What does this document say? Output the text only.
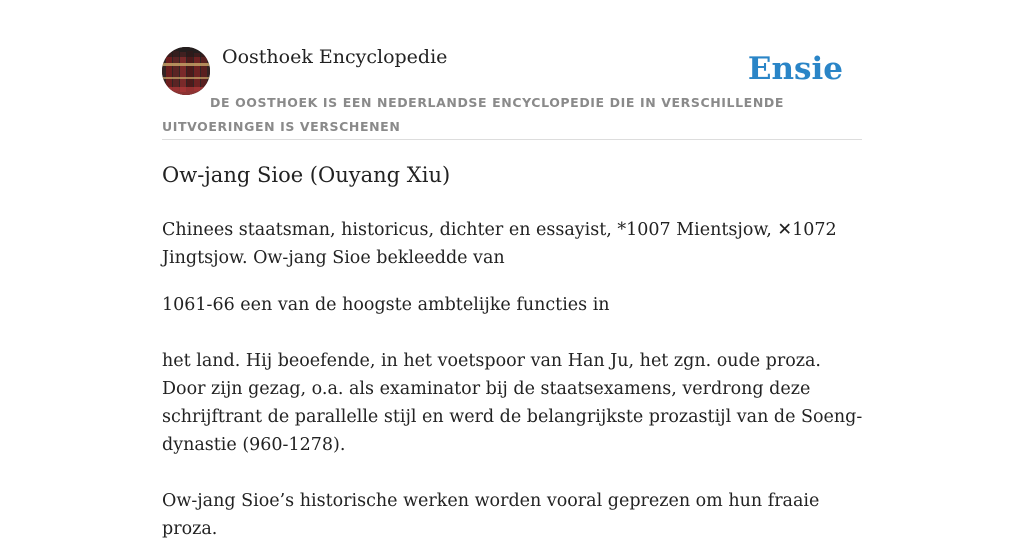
Oosthoek Encyclopedie	Ensie
DE OOSTHOEK IS EEN NEDERLANDSE ENCYCLOPEDIE DIE IN VERSCHILLENDE UITVOERINGEN IS VERSCHENEN
Ow-jang Sioe (Ouyang Xiu)

Chinees staatsman, historicus, dichter en essayist, *1007 Mientsjow, ✕1072 Jingtsjow. Ow-jang Sioe bekleedde van

1061-66 een van de hoogste ambtelijke functies in

het land. Hij beoefende, in het voetspoor van Han Ju, het zgn. oude proza. Door zijn gezag, o.a. als examinator bij de staatsexamens, verdrong deze schrijftrant de parallelle stijl en werd de belangrijkste prozastijl van de Soeng-dynastie (960-1278).

Ow-jang Sioe’s historische werken worden vooral geprezen om hun fraaie proza.
